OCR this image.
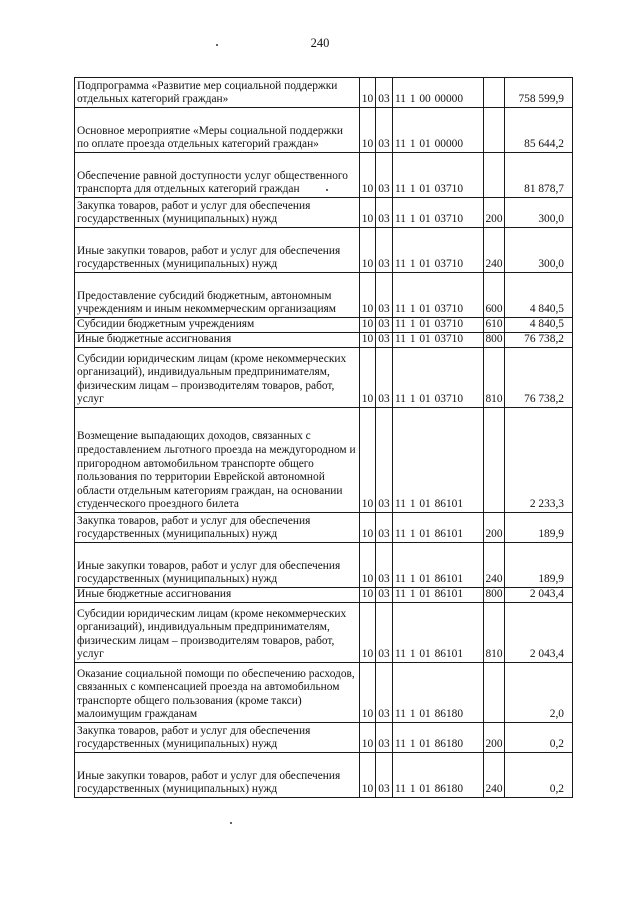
240
Подпрограмма «Развитие мер социальной поддержки отдельных категорий граждан»	10	03	11 1 00 00000		758 599,9
Основное мероприятие «Меры социальной поддержки по оплате проезда отдельных категорий граждан»	10	03	11 1 01 00000		85 644,2
Обеспечение равной доступности услуг общественного транспорта для отдельных категорий граждан	10	03	11 1 01 03710		81 878,7
Закупка товаров, работ и услуг для обеспечения государственных (муниципальных) нужд	10	03	11 1 01 03710	200	300,0
Иные закупки товаров, работ и услуг для обеспечения государственных (муниципальных) нужд	10	03	11 1 01 03710	240	300,0
Предоставление субсидий бюджетным, автономным учреждениям и иным некоммерческим организациям	10	03	11 1 01 03710	600	4 840,5
Субсидии бюджетным учреждениям	10	03	11 1 01 03710	610	4 840,5
Иные бюджетные ассигнования	10	03	11 1 01 03710	800	76 738,2
Субсидии юридическим лицам (кроме некоммерческих организаций), индивидуальным предпринимателям, физическим лицам – производителям товаров, работ, услуг	10	03	11 1 01 03710	810	76 738,2
Возмещение выпадающих доходов, связанных с предоставлением льготного проезда на междугородном и пригородном автомобильном транспорте общего пользования по территории Еврейской автономной области отдельным категориям граждан, на основании студенческого проездного билета	10	03	11 1 01 86101		2 233,3
Закупка товаров, работ и услуг для обеспечения государственных (муниципальных) нужд	10	03	11 1 01 86101	200	189,9
Иные закупки товаров, работ и услуг для обеспечения государственных (муниципальных) нужд	10	03	11 1 01 86101	240	189,9
Иные бюджетные ассигнования	10	03	11 1 01 86101	800	2 043,4
Субсидии юридическим лицам (кроме некоммерческих организаций), индивидуальным предпринимателям, физическим лицам – производителям товаров, работ, услуг	10	03	11 1 01 86101	810	2 043,4
Оказание социальной помощи по обеспечению расходов, связанных с компенсацией проезда на автомобильном транспорте общего пользования (кроме такси) малоимущим гражданам	10	03	11 1 01 86180		2,0
Закупка товаров, работ и услуг для обеспечения государственных (муниципальных) нужд	10	03	11 1 01 86180	200	0,2
Иные закупки товаров, работ и услуг для обеспечения государственных (муниципальных) нужд	10	03	11 1 01 86180	240	0,2
